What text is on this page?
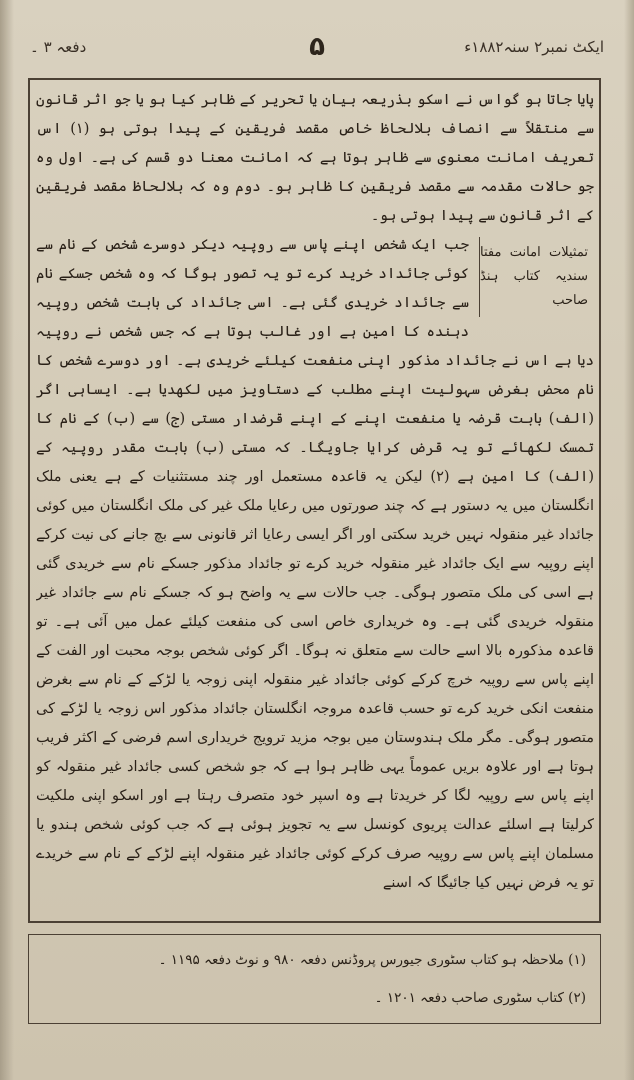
ایکٹ نمبر۲ سنہ۱۸۸۲ء
۵
دفعہ ۳ ۔

پایا جاتا ہو گواس نے اسکو بذریعہ بیان یا تحریر کے ظاہر کیا ہو یا جو اثر قانون سے منتقلاً سے انصاف بلالحاظ خاص مقصد فریقین کے پیدا ہوتی ہو (۱) اس تعریف امانت معنوی سے ظاہر ہوتا ہے کہ امانت معنا دو قسم کی ہے۔ اول وہ جو حالات مقدمہ سے مقصد فریقین کا ظاہر ہو۔ دوم وہ کہ بلالحاظ مقصد فریقین کے اثر قانون سے پیدا ہوتی ہو۔

تمثیلات امانت مفتا سندیہ کتاب ہنڈ صاحب

جب ایک شخص اپنے پاس سے روپیہ دیکر دوسرے شخص کے نام سے کوئی جائداد خرید کرے تو یہ تصور ہوگا کہ وہ شخص جسکے نام سے جائداد خریدی گئی ہے۔ اسی جائداد کی بابت شخص روپیہ دہندہ کا امین ہے اور غالب ہوتا ہے کہ جس شخص نے روپیہ دیا ہے اس نے جائداد مذکور اپنی منفعت کیلئے خریدی ہے۔ اور دوسرے شخص کا نام محض بغرض سہولیت اپنے مطلب کے دستاویز میں لکھدیا ہے۔ ایساہی اگر (الف) بابت قرضہ یا منفعت اپنے کے اپنے قرضدار مستی (ج) سے (ب) کے نام کا تمسک لکھائے تو یہ قرض کرایا جاویگا۔ کہ مستی (ب) بابت مقدر روپیہ کے (الف) کا امین ہے (۲) لیکن یہ قاعدہ مستعمل اور چند مستثنیات کے ہے یعنی ملک انگلستان میں یہ دستور ہے کہ چند صورتوں میں رعایا ملک غیر کی ملک انگلستان میں کوئی جائداد غیر منقولہ نہیں خرید سکتی اور اگر ایسی رعایا اثر قانونی سے بچ جانے کی نیت کرکے اپنے روپیہ سے ایک جائداد غیر منقولہ خرید کرے تو جائداد مذکور جسکے نام سے خریدی گئی ہے اسی کی ملک متصور ہوگی۔ جب حالات سے یہ واضح ہو کہ جسکے نام سے جائداد غیر منقولہ خریدی گئی ہے۔ وہ خریداری خاص اسی کی منفعت کیلئے عمل میں آئی ہے۔ تو قاعدہ مذکورہ بالا اسے حالت سے متعلق نہ ہوگا۔ اگر کوئی شخص بوجہ محبت اور الفت کے اپنے پاس سے روپیہ خرچ کرکے کوئی جائداد غیر منقولہ اپنی زوجہ یا لڑکے کے نام سے بغرض منفعت انکی خرید کرے تو حسب قاعدہ مروجہ انگلستان جائداد مذکور اس زوجہ یا لڑکے کی متصور ہوگی۔ مگر ملک ہندوستان میں بوجہ مزید ترویج خریداری اسم فرضی کے اکثر فریب ہوتا ہے اور علاوہ بریں عموماً یہی ظاہر ہوا ہے کہ جو شخص کسی جائداد غیر منقولہ کو اپنے پاس سے روپیہ لگا کر خریدتا ہے وہ اسپر خود متصرف رہتا ہے اور اسکو اپنی ملکیت کرلیتا ہے اسلئے عدالت پریوی کونسل سے یہ تجویز ہوئی ہے کہ جب کوئی شخص ہندو یا مسلمان اپنے پاس سے روپیہ صرف کرکے کوئی جائداد غیر منقولہ اپنے لڑکے کے نام سے خریدے تو یہ فرض نہیں کیا جائیگا کہ اسنے

(۱) ملاحظہ ہو کتاب سٹوری جیورس پروڈنس دفعہ ۹۸۰ و نوٹ دفعہ ۱۱۹۵ ۔
(۲) کتاب سٹوری صاحب دفعہ ۱۲۰۱ ۔
